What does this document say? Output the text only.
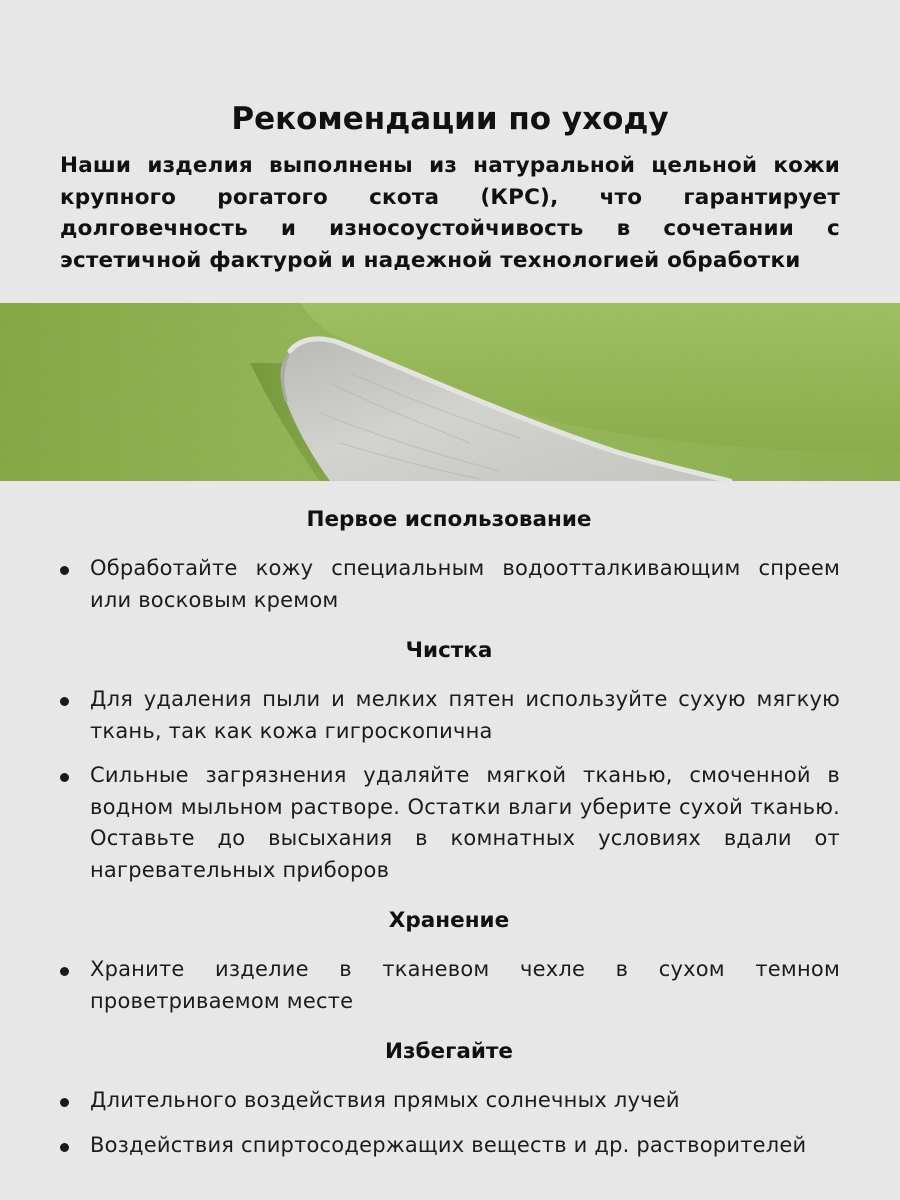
Рекомендации по уходу

Наши изделия выполнены из натуральной цельной кожи крупного рогатого скота (КРС), что гарантирует долговечность и износоустойчивость в сочетании с эстетичной фактурой и надежной технологией обработки

Первое использование
Обработайте кожу специальным водоотталкивающим спреем или восковым кремом
Чистка
Для удаления пыли и мелких пятен используйте сухую мягкую ткань, так как кожа гигроскопична
Сильные загрязнения удаляйте мягкой тканью, смоченной в водном мыльном растворе. Остатки влаги уберите сухой тканью. Оставьте до высыхания в комнатных условиях вдали от нагревательных приборов
Хранение
Храните изделие в тканевом чехле в сухом темном проветриваемом месте
Избегайте
Длительного воздействия прямых солнечных лучей
Воздействия спиртосодержащих веществ и др. растворителей
